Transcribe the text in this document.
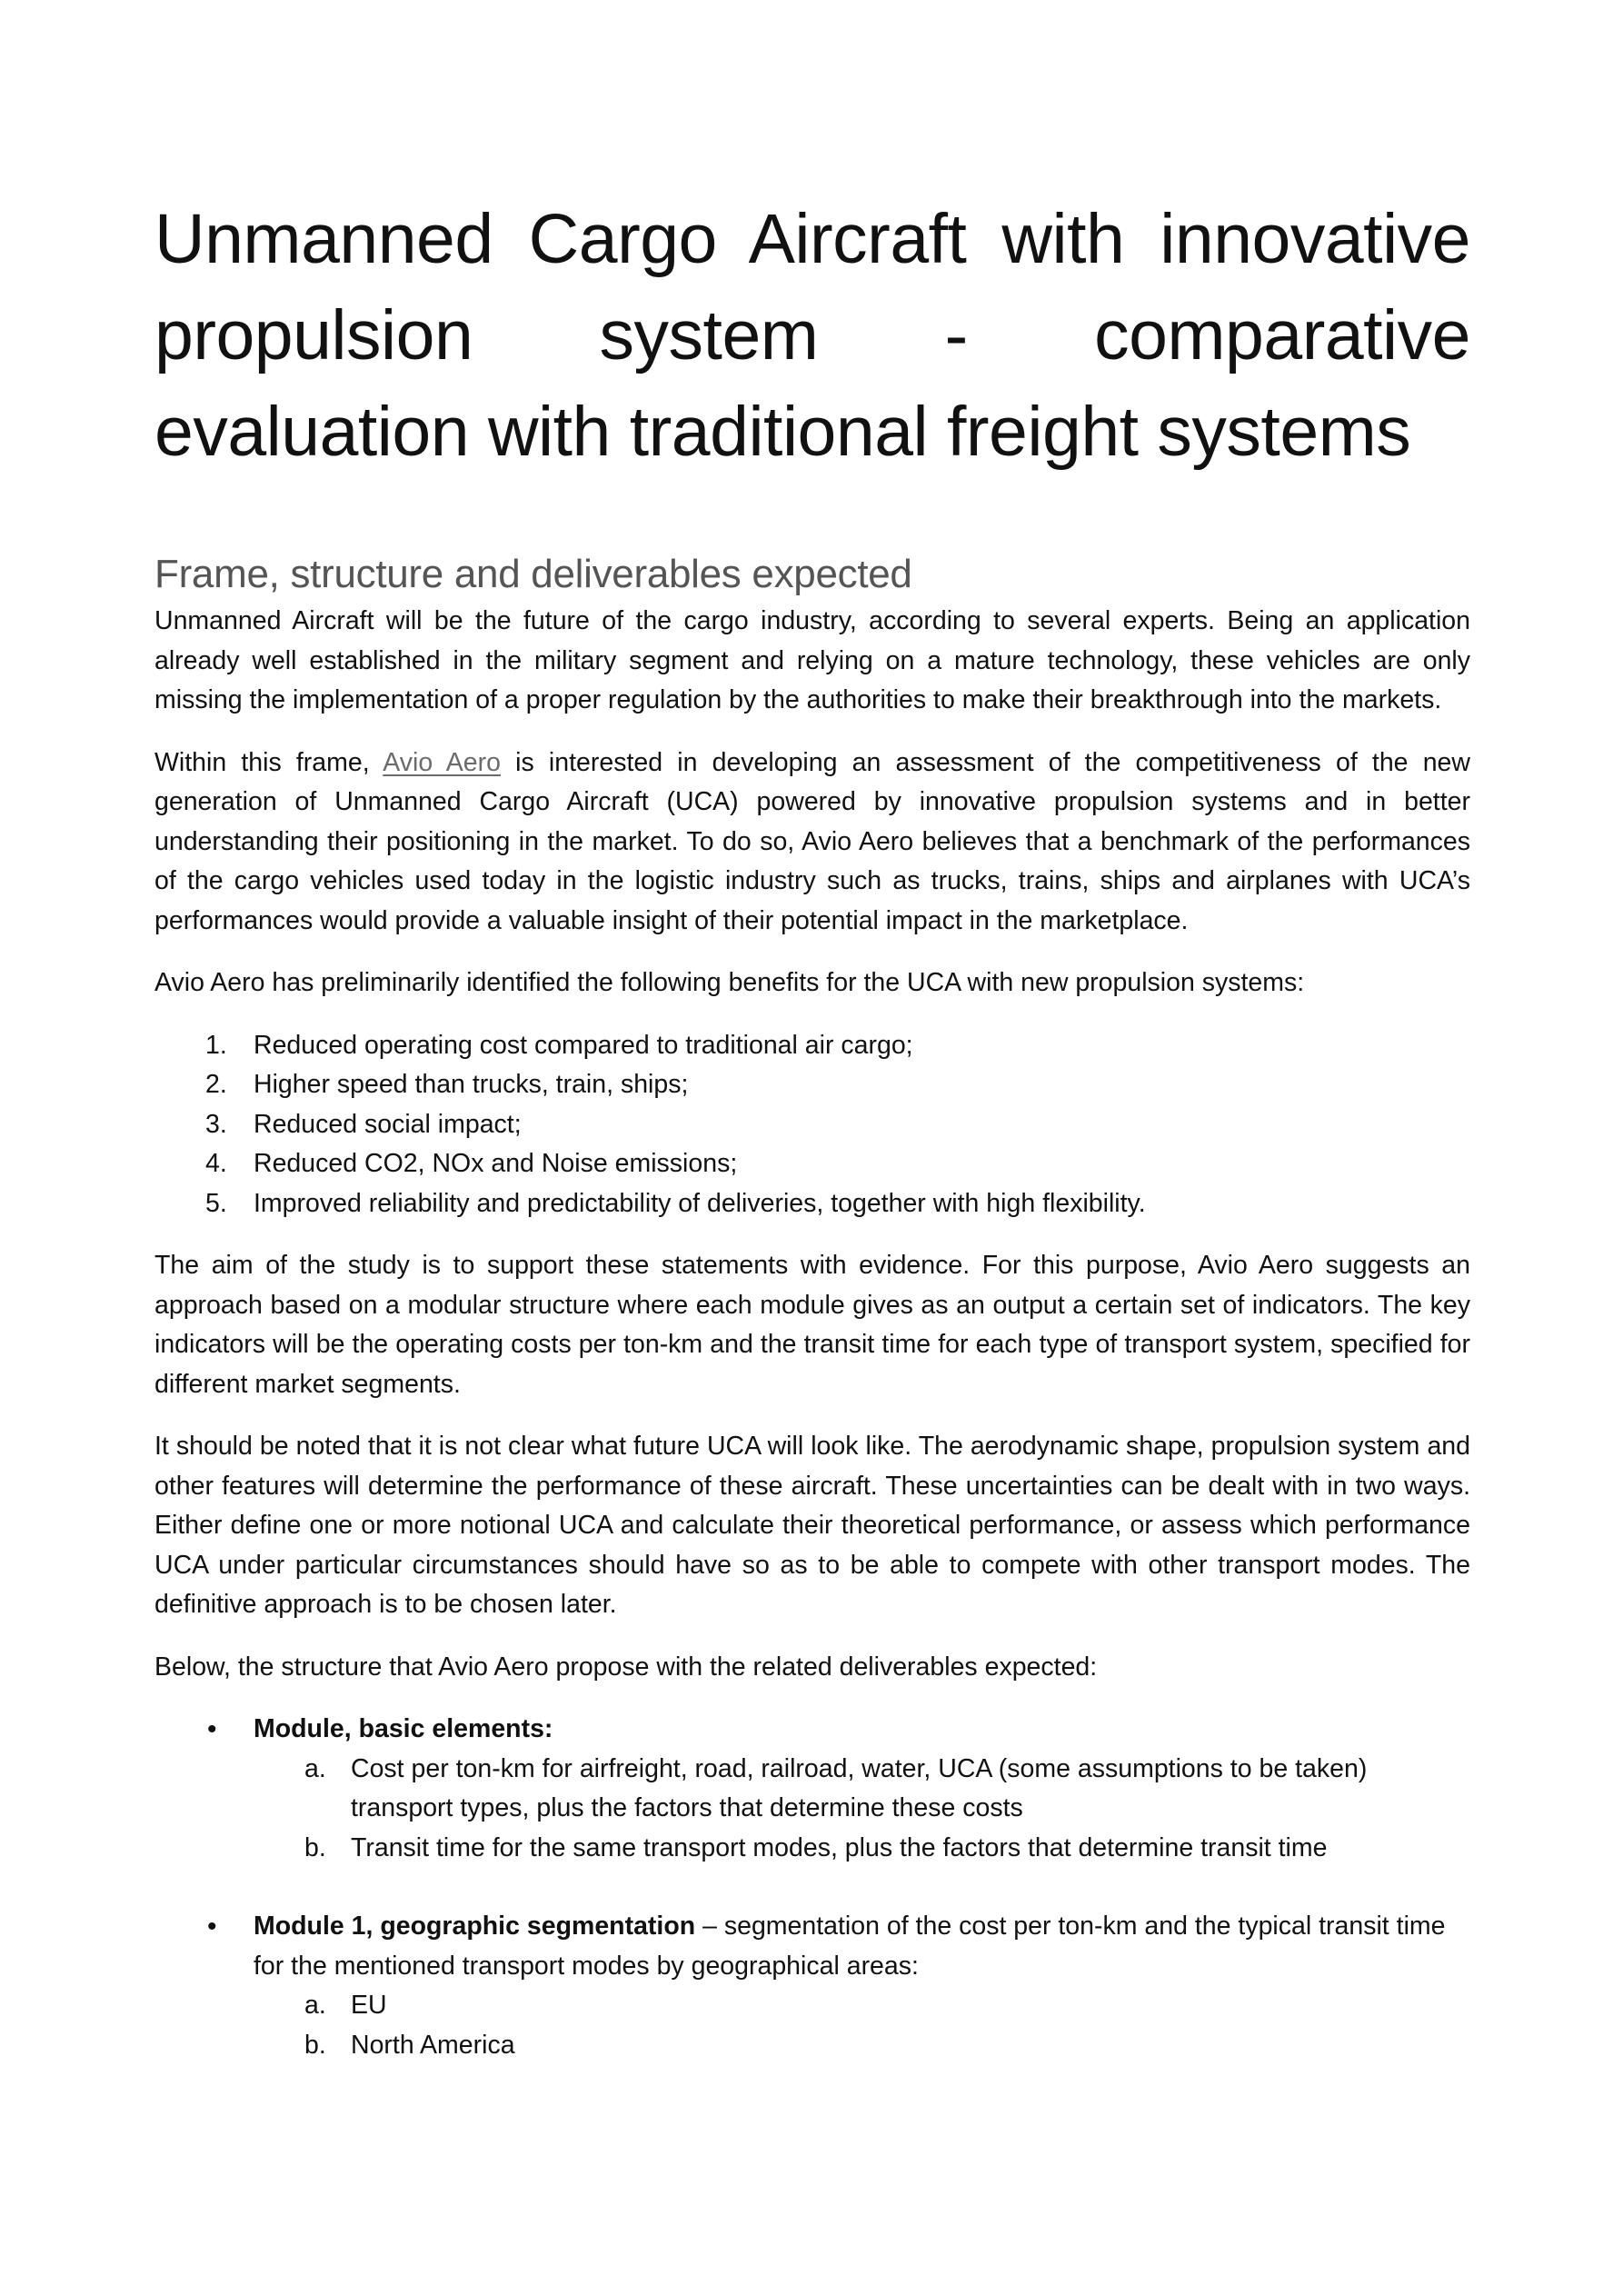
Unmanned Cargo Aircraft with innovative propulsion system - comparative evaluation with traditional freight systems
Frame, structure and deliverables expected

Unmanned Aircraft will be the future of the cargo industry, according to several experts. Being an application already well established in the military segment and relying on a mature technology, these vehicles are only missing the implementation of a proper regulation by the authorities to make their breakthrough into the markets.

Within this frame, Avio Aero is interested in developing an assessment of the competitiveness of the new generation of Unmanned Cargo Aircraft (UCA) powered by innovative propulsion systems and in better understanding their positioning in the market. To do so, Avio Aero believes that a benchmark of the performances of the cargo vehicles used today in the logistic industry such as trucks, trains, ships and airplanes with UCA’s performances would provide a valuable insight of their potential impact in the marketplace.

Avio Aero has preliminarily identified the following benefits for the UCA with new propulsion systems:

1.	Reduced operating cost compared to traditional air cargo;
2.	Higher speed than trucks, train, ships;
3.	Reduced social impact;
4.	Reduced CO2, NOx and Noise emissions;
5.	Improved reliability and predictability of deliveries, together with high flexibility.

The aim of the study is to support these statements with evidence. For this purpose, Avio Aero suggests an approach based on a modular structure where each module gives as an output a certain set of indicators. The key indicators will be the operating costs per ton-km and the transit time for each type of transport system, specified for different market segments.

It should be noted that it is not clear what future UCA will look like. The aerodynamic shape, propulsion system and other features will determine the performance of these aircraft. These uncertainties can be dealt with in two ways. Either define one or more notional UCA and calculate their theoretical performance, or assess which performance UCA under particular circumstances should have so as to be able to compete with other transport modes. The definitive approach is to be chosen later.

Below, the structure that Avio Aero propose with the related deliverables expected:

•	Module, basic elements:
a. Cost per ton-km for airfreight, road, railroad, water, UCA (some assumptions to be taken) transport types, plus the factors that determine these costs
b. Transit time for the same transport modes, plus the factors that determine transit time
•	Module 1, geographic segmentation – segmentation of the cost per ton-km and the typical transit time for the mentioned transport modes by geographical areas:
a. EU
b. North America
